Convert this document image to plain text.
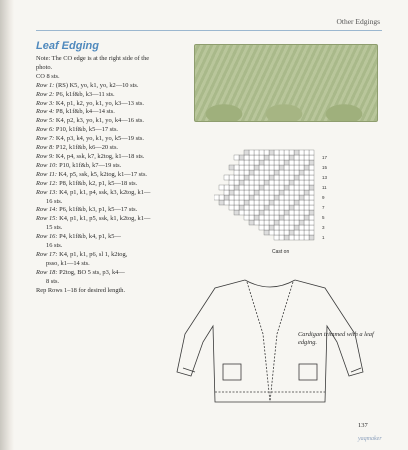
Other Edgings
Leaf Edging

Note: The CO edge is at the right side of the

photo.

CO 8 sts.

Row 1: (RS) K5, yo, k1, yo, k2—10 sts.

Row 2: P6, k1f&b, k3—11 sts.

Row 3: K4, p1, k2, yo, k1, yo, k3—13 sts.

Row 4: P8, k1f&b, k4—14 sts.

Row 5: K4, p2, k3, yo, k1, yo, k4—16 sts.

Row 6: P10, k1f&b, k5—17 sts.

Row 7: K4, p3, k4, yo, k1, yo, k5—19 sts.

Row 8: P12, k1f&b, k6—20 sts.

Row 9: K4, p4, ssk, k7, k2tog, k1—18 sts.

Row 10: P10, k1f&b, k7—19 sts.

Row 11: K4, p5, ssk, k5, k2tog, k1—17 sts.

Row 12: P8, k1f&b, k2, p1, k5—18 sts.

Row 13: K4, p1, k1, p4, ssk, k3, k2tog, k1—

16 sts.

Row 14: P6, k1f&b, k3, p1, k5—17 sts.

Row 15: K4, p1, k1, p5, ssk, k1, k2tog, k1—

15 sts.

Row 16: P4, k1f&b, k4, p1, k5—

16 sts.

Row 17: K4, p1, k1, p6, sl 1, k2tog,

psso, k1—14 sts.

Row 18: P2tog, BO 5 sts, p3, k4—

8 sts.

Rep Rows 1–18 for desired length.

17
15
13
11
9
7
5
3
1
Cast on
Cardigan trimmed with a leaf edging.
137
yaqmaker
